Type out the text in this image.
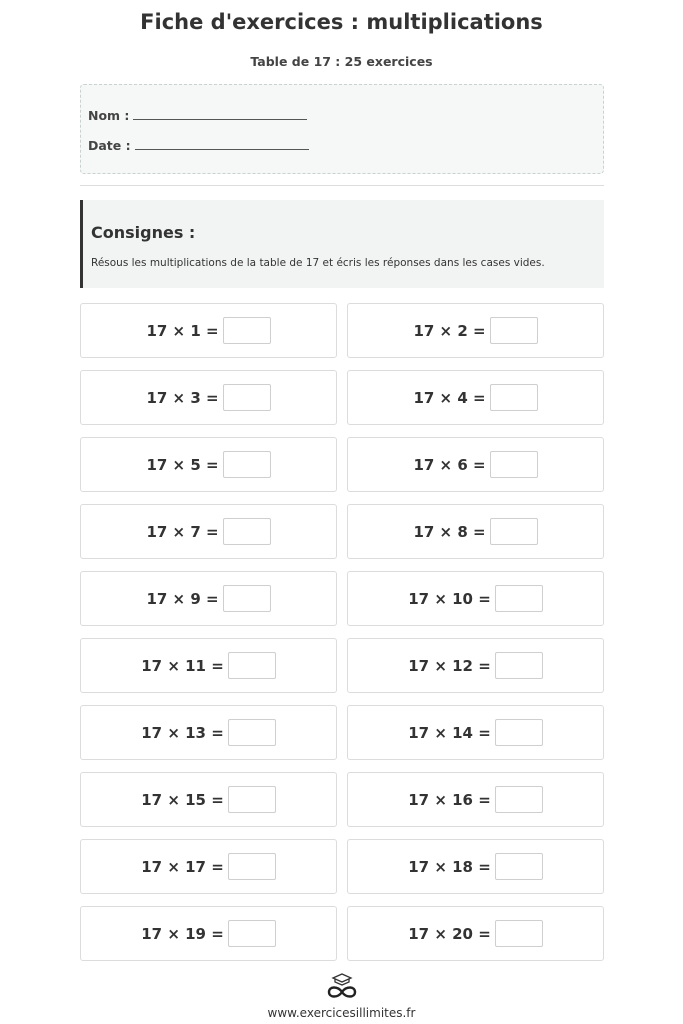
Fiche d'exercices : multiplications
Table de 17 : 25 exercices
Nom :
Date :
Consignes :
Résous les multiplications de la table de 17 et écris les réponses dans les cases vides.
17 × 1 =	17 × 2 =
17 × 3 =	17 × 4 =
17 × 5 =	17 × 6 =
17 × 7 =	17 × 8 =
17 × 9 =	17 × 10 =
17 × 11 =	17 × 12 =
17 × 13 =	17 × 14 =
17 × 15 =	17 × 16 =
17 × 17 =	17 × 18 =
17 × 19 =	17 × 20 =
www.exercicesillimites.fr
